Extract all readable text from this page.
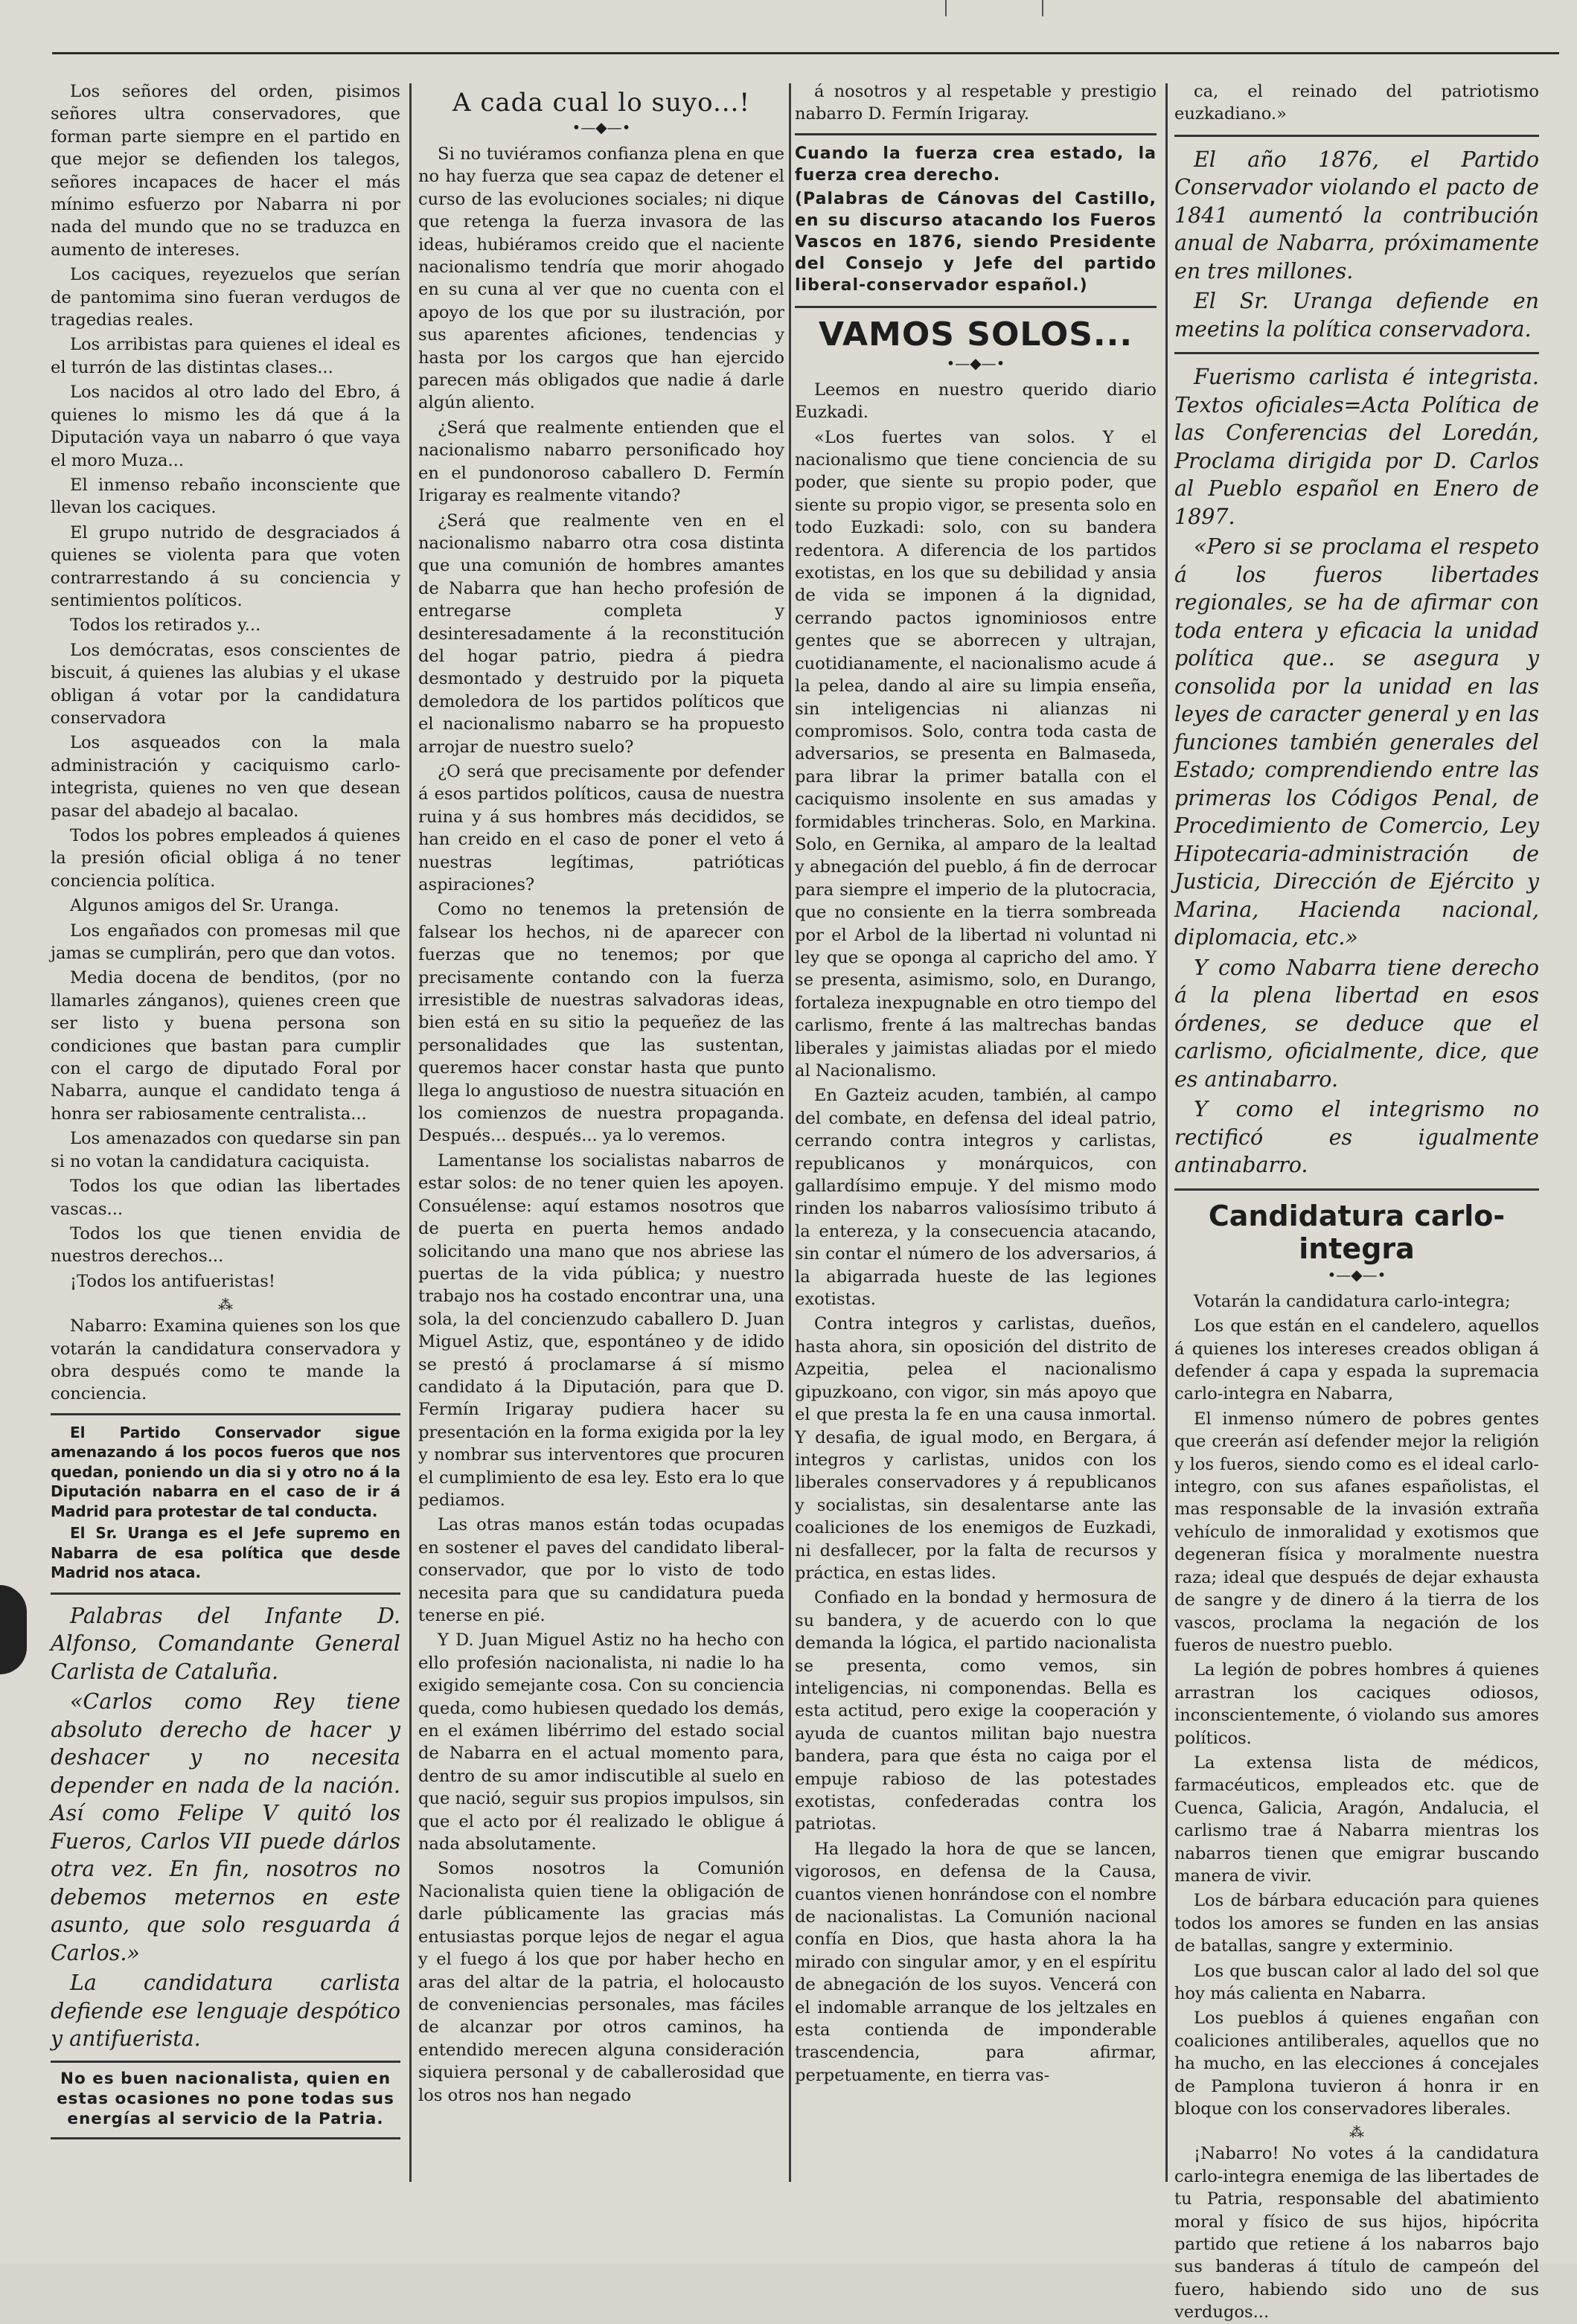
Los señores del orden, pisimos señores ultra conservadores, que forman parte siempre en el partido en que mejor se defienden los talegos, señores incapaces de hacer el más mínimo esfuerzo por Nabarra ni por nada del mundo que no se traduzca en aumento de intereses.

Los caciques, reyezuelos que serían de pantomima sino fueran verdugos de tragedias reales.

Los arribistas para quienes el ideal es el turrón de las distintas clases...

Los nacidos al otro lado del Ebro, á quienes lo mismo les dá que á la Diputación vaya un nabarro ó que vaya el moro Muza...

El inmenso rebaño inconsciente que llevan los caciques.

El grupo nutrido de desgraciados á quienes se violenta para que voten contrarrestando á su conciencia y sentimientos políticos.

Todos los retirados y...

Los demócratas, esos conscientes de biscuit, á quienes las alubias y el ukase obligan á votar por la candidatura conservadora

Los asqueados con la mala administración y caciquismo carlo-integrista, quienes no ven que desean pasar del abadejo al bacalao.

Todos los pobres empleados á quienes la presión oficial obliga á no tener conciencia política.

Algunos amigos del Sr. Uranga.

Los engañados con promesas mil que jamas se cumplirán, pero que dan votos.

Media docena de benditos, (por no llamarles zánganos), quienes creen que ser listo y buena persona son condiciones que bastan para cumplir con el cargo de diputado Foral por Nabarra, aunque el candidato tenga á honra ser rabiosamente centralista...

Los amenazados con quedarse sin pan si no votan la candidatura caciquista.

Todos los que odian las libertades vascas...

Todos los que tienen envidia de nuestros derechos...

¡Todos los antifueristas!

⁂

Nabarro: Examina quienes son los que votarán la candidatura conservadora y obra después como te mande la conciencia.

El Partido Conservador sigue amenazando á los pocos fueros que nos quedan, poniendo un dia si y otro no á la Diputación nabarra en el caso de ir á Madrid para protestar de tal conducta.

El Sr. Uranga es el Jefe supremo en Nabarra de esa política que desde Madrid nos ataca.

Palabras del Infante D. Alfonso, Comandante General Carlista de Cataluña.

«Carlos como Rey tiene absoluto derecho de hacer y deshacer y no necesita depender en nada de la nación. Así como Felipe V quitó los Fueros, Carlos VII puede dárlos otra vez. En fin, nosotros no debemos meternos en este asunto, que solo resguarda á Carlos.»

La candidatura carlista defiende ese lenguaje despótico y antifuerista.

No es buen nacionalista, quien en estas ocasiones no pone todas sus energías al servicio de la Patria.

A cada cual lo suyo...!
•—◆—•

Si no tuviéramos confianza plena en que no hay fuerza que sea capaz de detener el curso de las evoluciones sociales; ni dique que retenga la fuerza invasora de las ideas, hubiéramos creido que el naciente nacionalismo tendría que morir ahogado en su cuna al ver que no cuenta con el apoyo de los que por su ilustración, por sus aparentes aficiones, tendencias y hasta por los cargos que han ejercido parecen más obligados que nadie á darle algún aliento.

¿Será que realmente entienden que el nacionalismo nabarro personificado hoy en el pundonoroso caballero D. Fermín Irigaray es realmente vitando?

¿Será que realmente ven en el nacionalismo nabarro otra cosa distinta que una comunión de hombres amantes de Nabarra que han hecho profesión de entregarse completa y desinteresadamente á la reconstitución del hogar patrio, piedra á piedra desmontado y destruido por la piqueta demoledora de los partidos políticos que el nacionalismo nabarro se ha propuesto arrojar de nuestro suelo?

¿O será que precisamente por defender á esos partidos políticos, causa de nuestra ruina y á sus hombres más decididos, se han creido en el caso de poner el veto á nuestras legítimas, patrióticas aspiraciones?

Como no tenemos la pretensión de falsear los hechos, ni de aparecer con fuerzas que no tenemos; por que precisamente contando con la fuerza irresistible de nuestras salvadoras ideas, bien está en su sitio la pequeñez de las personalidades que las sustentan, queremos hacer constar hasta que punto llega lo angustioso de nuestra situación en los comienzos de nuestra propaganda. Después... después... ya lo veremos.

Lamentanse los socialistas nabarros de estar solos: de no tener quien les apoyen. Consuélense: aquí estamos nosotros que de puerta en puerta hemos andado solicitando una mano que nos abriese las puertas de la vida pública; y nuestro trabajo nos ha costado encontrar una, una sola, la del concienzudo caballero D. Juan Miguel Astiz, que, espontáneo y de idido se prestó á proclamarse á sí mismo candidato á la Diputación, para que D. Fermín Irigaray pudiera hacer su presentación en la forma exigida por la ley y nombrar sus interventores que procuren el cumplimiento de esa ley. Esto era lo que pediamos.

Las otras manos están todas ocupadas en sostener el paves del candidato liberal-conservador, que por lo visto de todo necesita para que su candidatura pueda tenerse en pié.

Y D. Juan Miguel Astiz no ha hecho con ello profesión nacionalista, ni nadie lo ha exigido semejante cosa. Con su conciencia queda, como hubiesen quedado los demás, en el exámen libérrimo del estado social de Nabarra en el actual momento para, dentro de su amor indiscutible al suelo en que nació, seguir sus propios impulsos, sin que el acto por él realizado le obligue á nada absolutamente.

Somos nosotros la Comunión Nacionalista quien tiene la obligación de darle públicamente las gracias más entusiastas porque lejos de negar el agua y el fuego á los que por haber hecho en aras del altar de la patria, el holocausto de conveniencias personales, mas fáciles de alcanzar por otros caminos, ha entendido merecen alguna consideración siquiera personal y de caballerosidad que los otros nos han negado

á nosotros y al respetable y prestigio nabarro D. Fermín Irigaray.

Cuando la fuerza crea estado, la fuerza crea derecho.

(Palabras de Cánovas del Castillo, en su discurso atacando los Fueros Vascos en 1876, siendo Presidente del Consejo y Jefe del partido liberal-conservador español.)

VAMOS SOLOS...
•—◆—•

Leemos en nuestro querido diario Euzkadi.

«Los fuertes van solos. Y el nacionalismo que tiene conciencia de su poder, que siente su propio poder, que siente su propio vigor, se presenta solo en todo Euzkadi: solo, con su bandera redentora. A diferencia de los partidos exotistas, en los que su debilidad y ansia de vida se imponen á la dignidad, cerrando pactos ignominiosos entre gentes que se aborrecen y ultrajan, cuotidianamente, el nacionalismo acude á la pelea, dando al aire su limpia enseña, sin inteligencias ni alianzas ni compromisos. Solo, contra toda casta de adversarios, se presenta en Balmaseda, para librar la primer batalla con el caciquismo insolente en sus amadas y formidables trincheras. Solo, en Markina. Solo, en Gernika, al amparo de la lealtad y abnegación del pueblo, á fin de derrocar para siempre el imperio de la plutocracia, que no consiente en la tierra sombreada por el Arbol de la libertad ni voluntad ni ley que se oponga al capricho del amo. Y se presenta, asimismo, solo, en Durango, fortaleza inexpugnable en otro tiempo del carlismo, frente á las maltrechas bandas liberales y jaimistas aliadas por el miedo al Nacionalismo.

En Gazteiz acuden, también, al campo del combate, en defensa del ideal patrio, cerrando contra integros y carlistas, republicanos y monárquicos, con gallardísimo empuje. Y del mismo modo rinden los nabarros valiosísimo tributo á la entereza, y la consecuencia atacando, sin contar el número de los adversarios, á la abigarrada hueste de las legiones exotistas.

Contra integros y carlistas, dueños, hasta ahora, sin oposición del distrito de Azpeitia, pelea el nacionalismo gipuzkoano, con vigor, sin más apoyo que el que presta la fe en una causa inmortal. Y desafia, de igual modo, en Bergara, á integros y carlistas, unidos con los liberales conservadores y á republicanos y socialistas, sin desalentarse ante las coaliciones de los enemigos de Euzkadi, ni desfallecer, por la falta de recursos y práctica, en estas lides.

Confiado en la bondad y hermosura de su bandera, y de acuerdo con lo que demanda la lógica, el partido nacionalista se presenta, como vemos, sin inteligencias, ni componendas. Bella es esta actitud, pero exige la cooperación y ayuda de cuantos militan bajo nuestra bandera, para que ésta no caiga por el empuje rabioso de las potestades exotistas, confederadas contra los patriotas.

Ha llegado la hora de que se lancen, vigorosos, en defensa de la Causa, cuantos vienen honrándose con el nombre de nacionalistas. La Comunión nacional confía en Dios, que hasta ahora la ha mirado con singular amor, y en el espíritu de abnegación de los suyos. Vencerá con el indomable arranque de los jeltzales en esta contienda de imponderable trascendencia, para afirmar, perpetuamente, en tierra vas-

ca, el reinado del patriotismo euzkadiano.»

El año 1876, el Partido Conservador violando el pacto de 1841 aumentó la contribución anual de Nabarra, próximamente en tres millones.

El Sr. Uranga defiende en meetins la política conservadora.

Fuerismo carlista é integrista. Textos oficiales=Acta Política de las Conferencias del Loredán, Proclama dirigida por D. Carlos al Pueblo español en Enero de 1897.

«Pero si se proclama el respeto á los fueros libertades regionales, se ha de afirmar con toda entera y eficacia la unidad política que.. se asegura y consolida por la unidad en las leyes de caracter general y en las funciones también generales del Estado; comprendiendo entre las primeras los Códigos Penal, de Procedimiento de Comercio, Ley Hipotecaria-administración de Justicia, Dirección de Ejército y Marina, Hacienda nacional, diplomacia, etc.»

Y como Nabarra tiene derecho á la plena libertad en esos órdenes, se deduce que el carlismo, oficialmente, dice, que es antinabarro.

Y como el integrismo no rectificó es igualmente antinabarro.

Candidatura carlo-integra
•—◆—•

Votarán la candidatura carlo-integra;

Los que están en el candelero, aquellos á quienes los intereses creados obligan á defender á capa y espada la supremacia carlo-integra en Nabarra,

El inmenso número de pobres gentes que creerán así defender mejor la religión y los fueros, siendo como es el ideal carlo-integro, con sus afanes españolistas, el mas responsable de la invasión extraña vehículo de inmoralidad y exotismos que degeneran física y moralmente nuestra raza; ideal que después de dejar exhausta de sangre y de dinero á la tierra de los vascos, proclama la negación de los fueros de nuestro pueblo.

La legión de pobres hombres á quienes arrastran los caciques odiosos, inconscientemente, ó violando sus amores políticos.

La extensa lista de médicos, farmacéuticos, empleados etc. que de Cuenca, Galicia, Aragón, Andalucia, el carlismo trae á Nabarra mientras los nabarros tienen que emigrar buscando manera de vivir.

Los de bárbara educación para quienes todos los amores se funden en las ansias de batallas, sangre y exterminio.

Los que buscan calor al lado del sol que hoy más calienta en Nabarra.

Los pueblos á quienes engañan con coaliciones antiliberales, aquellos que no ha mucho, en las elecciones á concejales de Pamplona tuvieron á honra ir en bloque con los conservadores liberales.

⁂

¡Nabarro! No votes á la candidatura carlo-integra enemiga de las libertades de tu Patria, responsable del abatimiento moral y físico de sus hijos, hipócrita partido que retiene á los nabarros bajo sus banderas á título de campeón del fuero, habiendo sido uno de sus verdugos...
